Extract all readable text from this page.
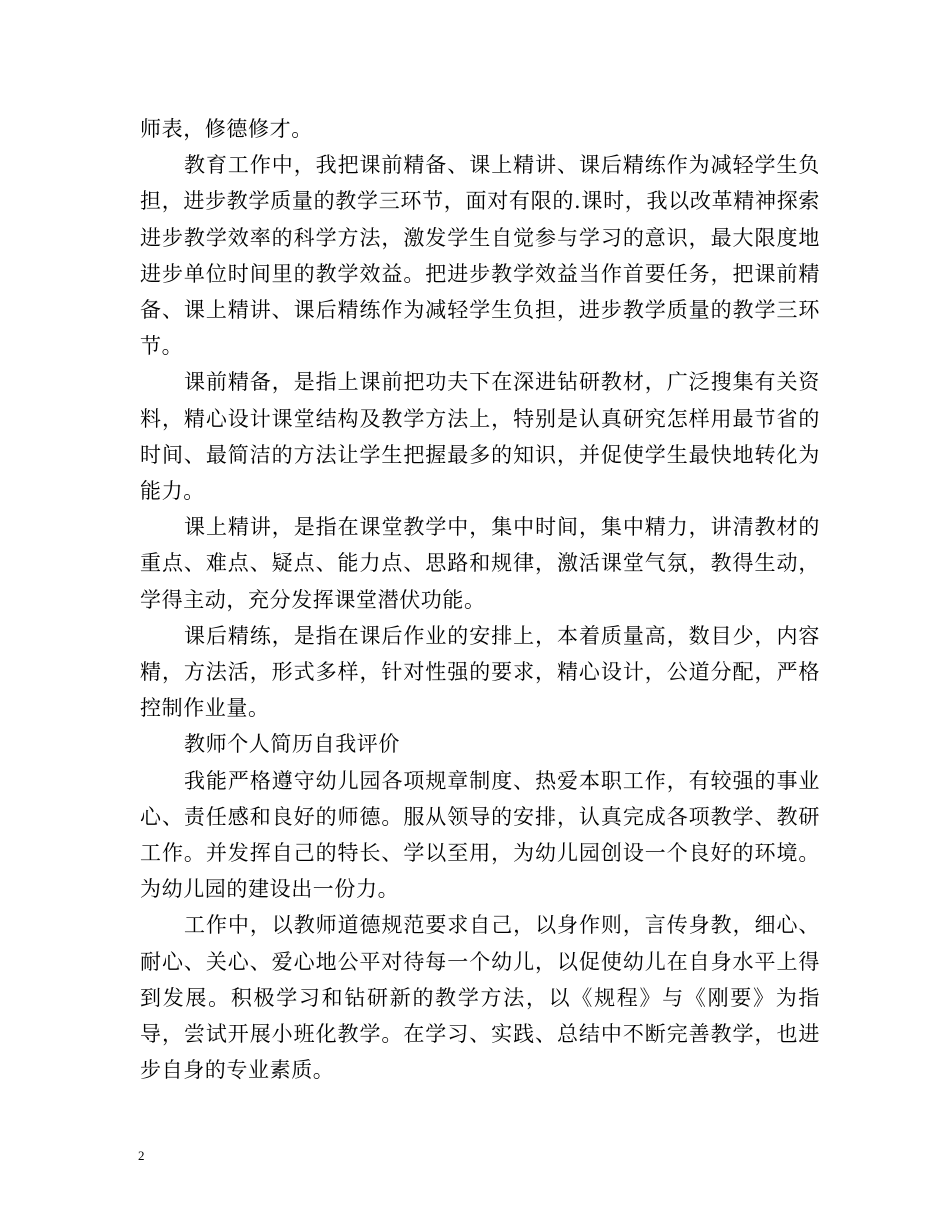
师表，修德修才。

教育工作中，我把课前精备、课上精讲、课后精练作为减轻学生负担，进步教学质量的教学三环节，面对有限的.课时，我以改革精神探索进步教学效率的科学方法，激发学生自觉参与学习的意识，最大限度地进步单位时间里的教学效益。把进步教学效益当作首要任务，把课前精备、课上精讲、课后精练作为减轻学生负担，进步教学质量的教学三环节。

课前精备，是指上课前把功夫下在深进钻研教材，广泛搜集有关资料，精心设计课堂结构及教学方法上，特别是认真研究怎样用最节省的时间、最简洁的方法让学生把握最多的知识，并促使学生最快地转化为能力。

课上精讲，是指在课堂教学中，集中时间，集中精力，讲清教材的重点、难点、疑点、能力点、思路和规律，激活课堂气氛，教得生动，学得主动，充分发挥课堂潜伏功能。

课后精练，是指在课后作业的安排上，本着质量高，数目少，内容精，方法活，形式多样，针对性强的要求，精心设计，公道分配，严格控制作业量。

教师个人简历自我评价

我能严格遵守幼儿园各项规章制度、热爱本职工作，有较强的事业心、责任感和良好的师德。服从领导的安排，认真完成各项教学、教研工作。并发挥自己的特长、学以至用，为幼儿园创设一个良好的环境。为幼儿园的建设出一份力。

工作中，以教师道德规范要求自己，以身作则，言传身教，细心、耐心、关心、爱心地公平对待每一个幼儿，以促使幼儿在自身水平上得到发展。积极学习和钻研新的教学方法，以《规程》与《刚要》为指导，尝试开展小班化教学。在学习、实践、总结中不断完善教学，也进步自身的专业素质。

2
